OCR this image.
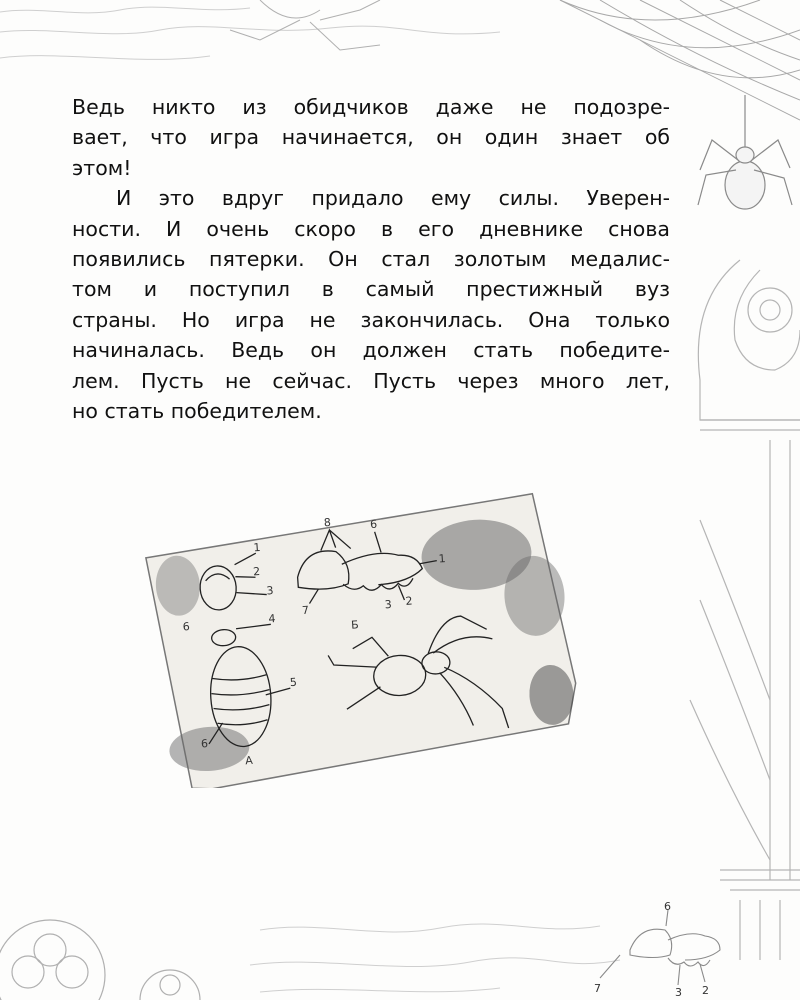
Ведь никто из обидчиков даже не подозре-
вает, что игра начинается, он один знает об
этом!

И это вдруг придало ему силы. Уверен-
ности. И очень скоро в его дневнике снова
появились пятерки. Он стал золотым медалис-
том и поступил в самый престижный вуз
страны. Но игра не закончилась. Она только
начиналась. Ведь он должен стать победите-
лем. Пусть не сейчас. Пусть через много лет,
но стать победителем.

1
2
3
4
5
6
6
A
8	6
1
7	3 2
Б
6
7	3 2
